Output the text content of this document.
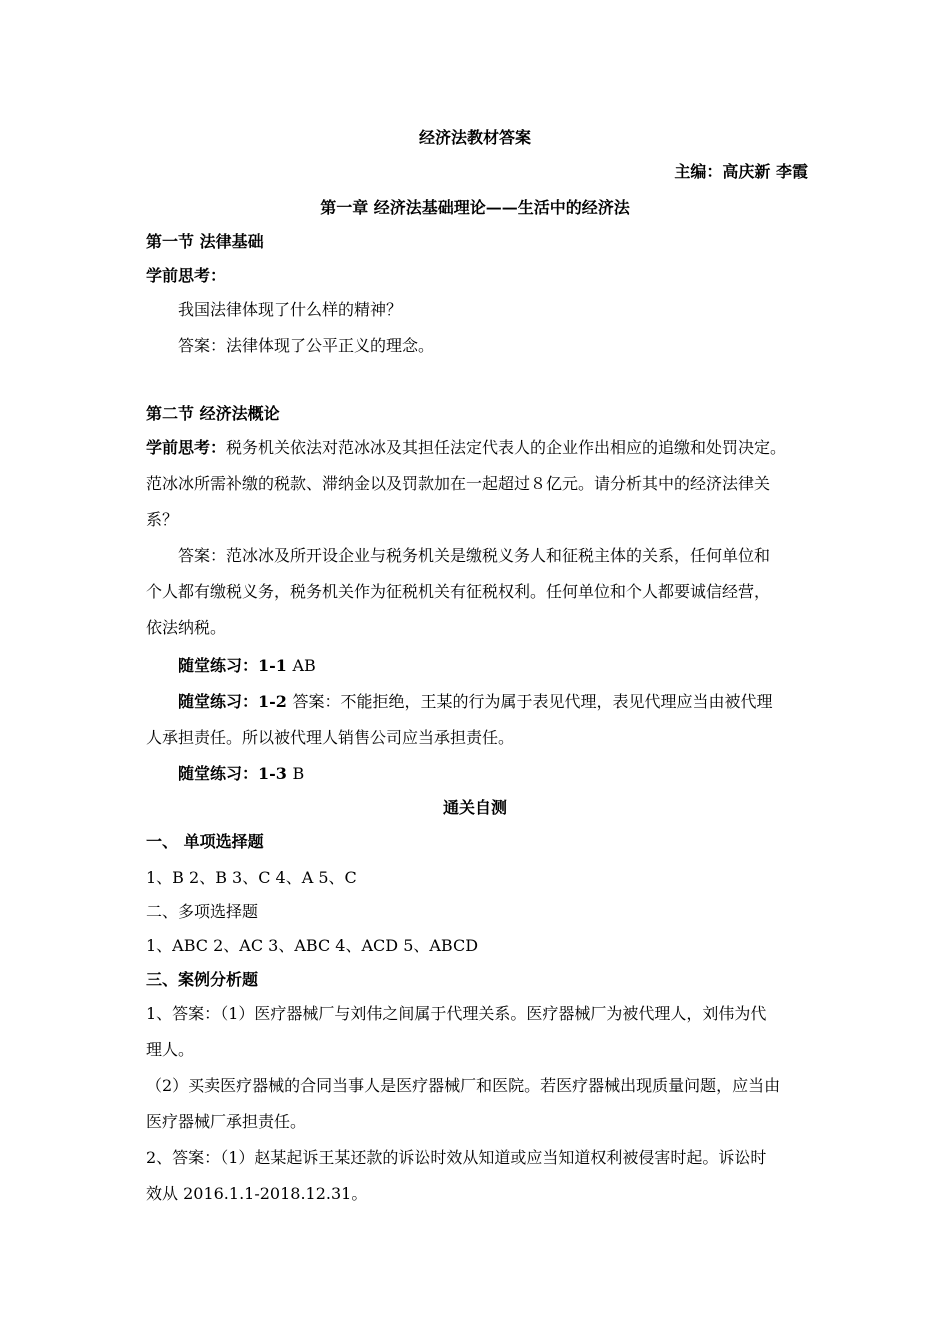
经济法教材答案
主编：高庆新 李霞
第一章 经济法基础理论——生活中的经济法
第一节 法律基础
学前思考：
我国法律体现了什么样的精神？
答案：法律体现了公平正义的理念。
第二节 经济法概论
学前思考：税务机关依法对范冰冰及其担任法定代表人的企业作出相应的追缴和处罚决定。
范冰冰所需补缴的税款、滞纳金以及罚款加在一起超过８亿元。请分析其中的经济法律关
系？
答案：范冰冰及所开设企业与税务机关是缴税义务人和征税主体的关系，任何单位和
个人都有缴税义务，税务机关作为征税机关有征税权利。任何单位和个人都要诚信经营，
依法纳税。
随堂练习：1-1 AB
随堂练习：1-2 答案：不能拒绝，王某的行为属于表见代理，表见代理应当由被代理
人承担责任。所以被代理人销售公司应当承担责任。
随堂练习：1-3 B
通关自测
一、 单项选择题
1、B 2、B 3、C 4、A 5、C
二、多项选择题
1、ABC 2、AC 3、ABC 4、ACD 5、ABCD
三、案例分析题
1、答案：（1）医疗器械厂与刘伟之间属于代理关系。医疗器械厂为被代理人，刘伟为代
理人。
（2）买卖医疗器械的合同当事人是医疗器械厂和医院。若医疗器械出现质量问题，应当由
医疗器械厂承担责任。
2、答案：（1）赵某起诉王某还款的诉讼时效从知道或应当知道权利被侵害时起。诉讼时
效从 2016.1.1-2018.12.31。
